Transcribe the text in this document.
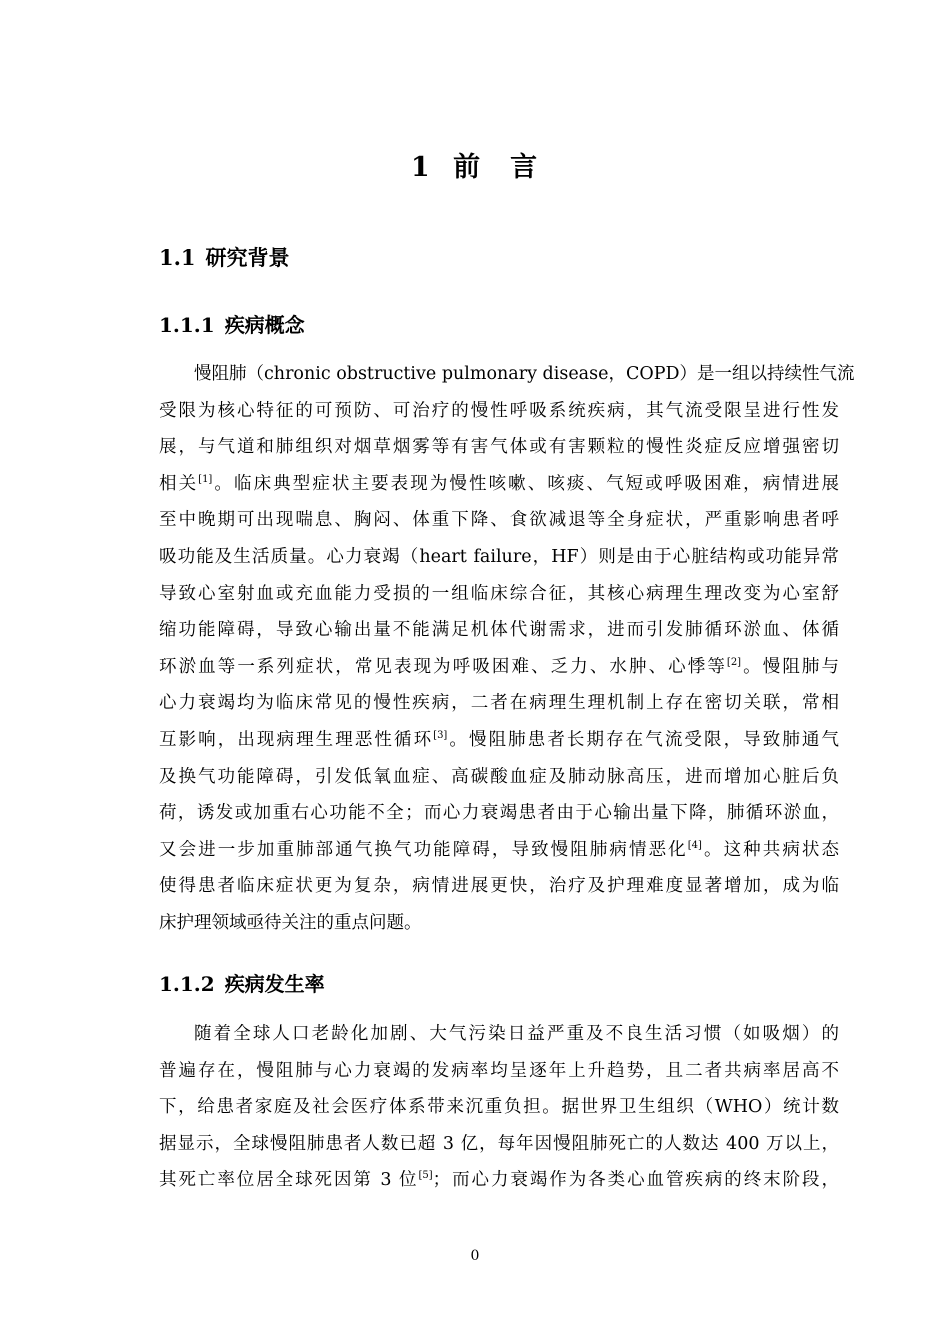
1 前 言
1.1 研究背景
1.1.1 疾病概念
慢阻肺（chronic obstructive pulmonary disease，COPD）是一组以持续性气流
受限为核心特征的可预防、可治疗的慢性呼吸系统疾病，其气流受限呈进行性发
展，与气道和肺组织对烟草烟雾等有害气体或有害颗粒的慢性炎症反应增强密切
相关[1]。临床典型症状主要表现为慢性咳嗽、咳痰、气短或呼吸困难，病情进展
至中晚期可出现喘息、胸闷、体重下降、食欲减退等全身症状，严重影响患者呼
吸功能及生活质量。心力衰竭（heart failure，HF）则是由于心脏结构或功能异常
导致心室射血或充血能力受损的一组临床综合征，其核心病理生理改变为心室舒
缩功能障碍，导致心输出量不能满足机体代谢需求，进而引发肺循环淤血、体循
环淤血等一系列症状，常见表现为呼吸困难、乏力、水肿、心悸等[2]。慢阻肺与
心力衰竭均为临床常见的慢性疾病，二者在病理生理机制上存在密切关联，常相
互影响，出现病理生理恶性循环[3]。慢阻肺患者长期存在气流受限，导致肺通气
及换气功能障碍，引发低氧血症、高碳酸血症及肺动脉高压，进而增加心脏后负
荷，诱发或加重右心功能不全；而心力衰竭患者由于心输出量下降，肺循环淤血，
又会进一步加重肺部通气换气功能障碍，导致慢阻肺病情恶化[4]。这种共病状态
使得患者临床症状更为复杂，病情进展更快，治疗及护理难度显著增加，成为临
床护理领域亟待关注的重点问题。
1.1.2 疾病发生率
随着全球人口老龄化加剧、大气污染日益严重及不良生活习惯（如吸烟）的
普遍存在，慢阻肺与心力衰竭的发病率均呈逐年上升趋势，且二者共病率居高不
下，给患者家庭及社会医疗体系带来沉重负担。据世界卫生组织（WHO）统计数
据显示，全球慢阻肺患者人数已超 3 亿，每年因慢阻肺死亡的人数达 400 万以上，
其死亡率位居全球死因第 3 位[5]；而心力衰竭作为各类心血管疾病的终末阶段，
0
